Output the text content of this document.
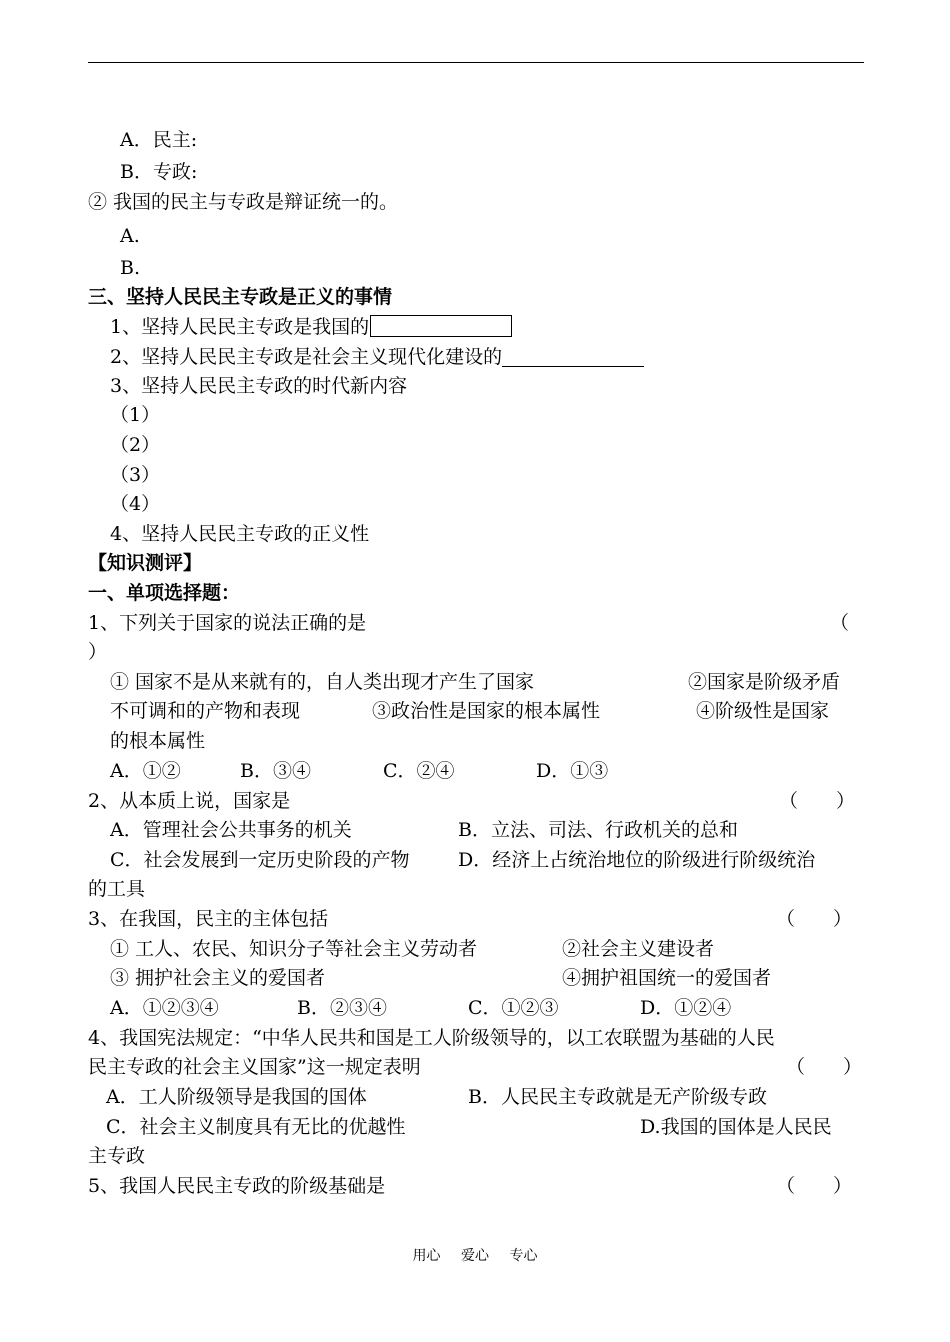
A．民主:
B．专政:
② 我国的民主与专政是辩证统一的。
A.
B.
三、坚持人民民主专政是正义的事情
1、坚持人民民主专政是我国的
2、坚持人民民主专政是社会主义现代化建设的
3、坚持人民民主专政的时代新内容
（1）
（2）
（3）
（4）
4、坚持人民民主专政的正义性
【知识测评】
一、单项选择题：
1、下列关于国家的说法正确的是	（
）
① 国家不是从来就有的，自人类出现才产生了国家	②国家是阶级矛盾
不可调和的产物和表现	③政治性是国家的根本属性	④阶级性是国家
的根本属性
A．①②	B．③④	C．②④	D．①③
2、从本质上说，国家是	（　　）
A．管理社会公共事务的机关	B．立法、司法、行政机关的总和
C．社会发展到一定历史阶段的产物	D．经济上占统治地位的阶级进行阶级统治
的工具
3、在我国，民主的主体包括	（　　）
① 工人、农民、知识分子等社会主义劳动者	②社会主义建设者
③ 拥护社会主义的爱国者	④拥护祖国统一的爱国者
A．①②③④	B．②③④	C．①②③	D．①②④
4、我国宪法规定：“中华人民共和国是工人阶级领导的，以工农联盟为基础的人民
民主专政的社会主义国家”这一规定表明	（　　）
A．工人阶级领导是我国的国体	B．人民民主专政就是无产阶级专政
C．社会主义制度具有无比的优越性	D.我国的国体是人民民
主专政
5、我国人民民主专政的阶级基础是	（　　）
用心 爱心 专心
